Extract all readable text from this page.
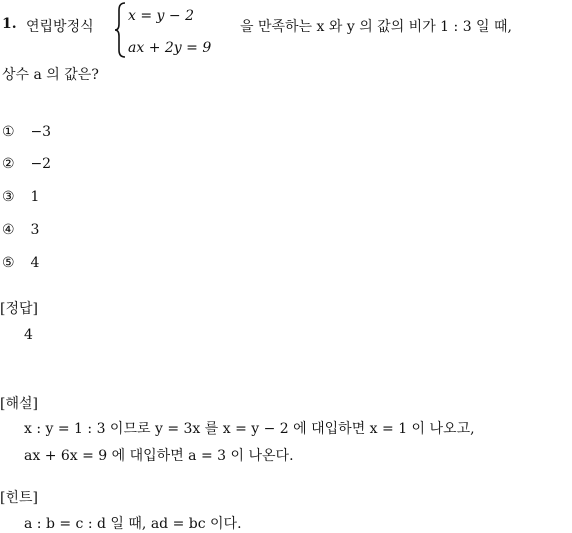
1. 연립방정식
x = y − 2
ax + 2y = 9
을 만족하는 x 와 y 의 값의 비가 1 : 3 일 때,
상수 a 의 값은?
① −3
② −2
③ 1
④ 3
⑤ 4
[정답]
4
[해설]
x : y = 1 : 3 이므로 y = 3x 를 x = y − 2 에 대입하면 x = 1 이 나오고,
ax + 6x = 9 에 대입하면 a = 3 이 나온다.
[힌트]
a : b = c : d 일 때, ad = bc 이다.
